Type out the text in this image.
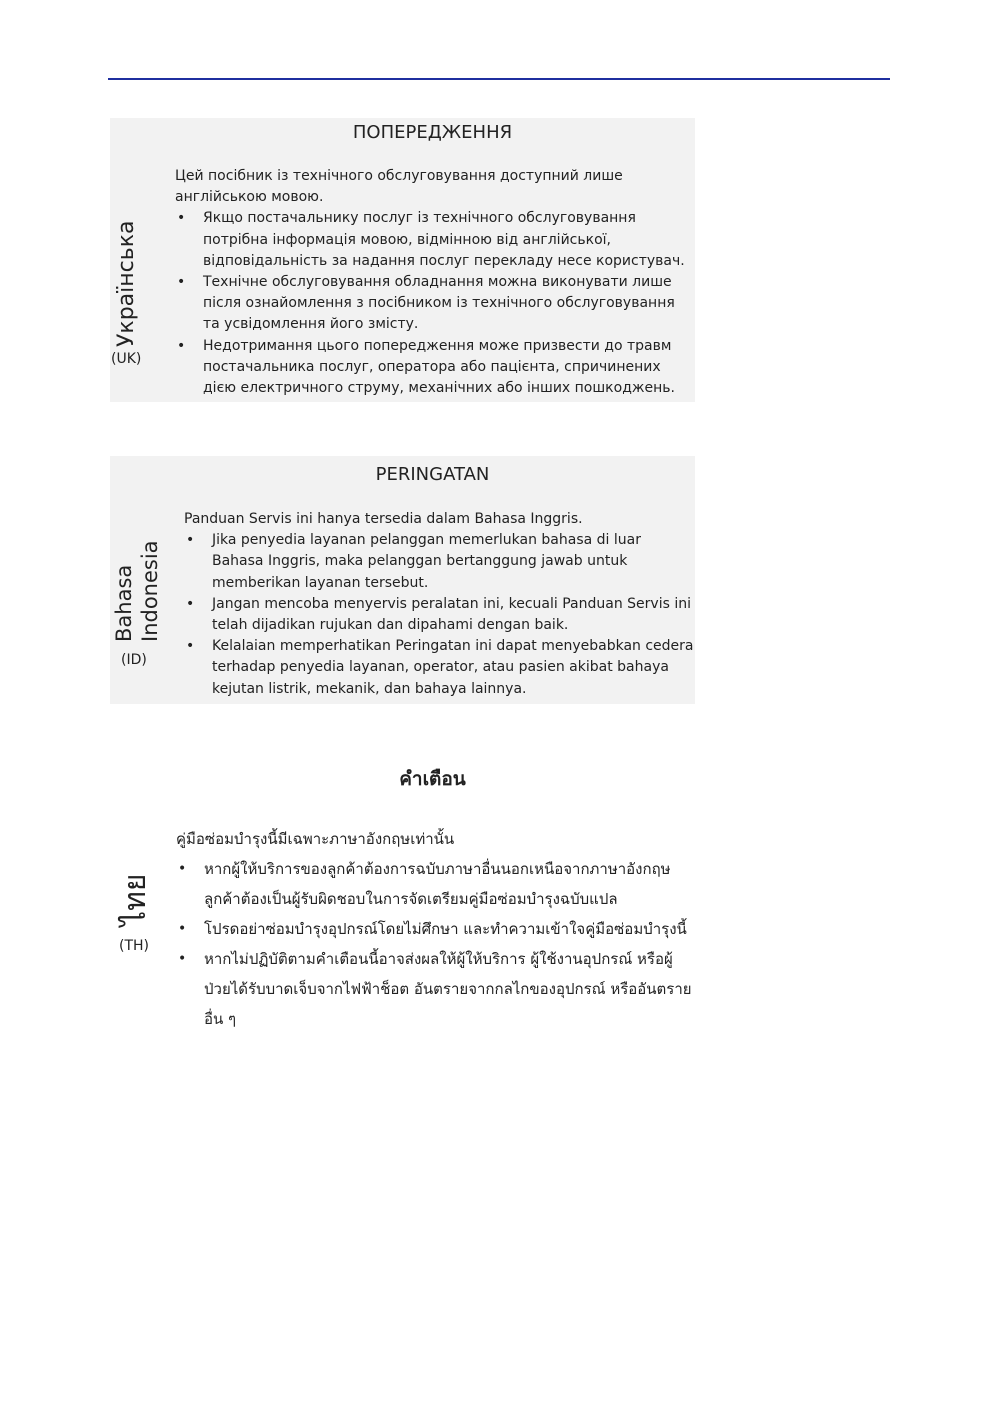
Українська
(UK)
ПОПЕРЕДЖЕННЯ
Цей посібник із технічного обслуговування доступний лише англійською мовою.
• Якщо постачальнику послуг із технічного обслуговування потрібна інформація мовою, відмінною від англійської, відповідальність за надання послуг перекладу несе користувач.
• Технічне обслуговування обладнання можна виконувати лише після ознайомлення з посібником із технічного обслуговування та усвідомлення його змісту.
• Недотримання цього попередження може призвести до травм постачальника послуг, оператора або пацієнта, спричинених дією електричного струму, механічних або інших пошкоджень.
Bahasa Indonesia
(ID)
PERINGATAN
Panduan Servis ini hanya tersedia dalam Bahasa Inggris.
• Jika penyedia layanan pelanggan memerlukan bahasa di luar Bahasa Inggris, maka pelanggan bertanggung jawab untuk memberikan layanan tersebut.
• Jangan mencoba menyervis peralatan ini, kecuali Panduan Servis ini telah dijadikan rujukan dan dipahami dengan baik.
• Kelalaian memperhatikan Peringatan ini dapat menyebabkan cedera terhadap penyedia layanan, operator, atau pasien akibat bahaya kejutan listrik, mekanik, dan bahaya lainnya.
ไทย
(TH)
คำเตือน
คู่มือซ่อมบำรุงนี้มีเฉพาะภาษาอังกฤษเท่านั้น
• หากผู้ให้บริการของลูกค้าต้องการฉบับภาษาอื่นนอกเหนือจากภาษาอังกฤษ ลูกค้าต้องเป็นผู้รับผิดชอบในการจัดเตรียมคู่มือซ่อมบำรุงฉบับแปล
• โปรดอย่าซ่อมบำรุงอุปกรณ์โดยไม่ศึกษา และทำความเข้าใจคู่มือซ่อมบำรุงนี้
• หากไม่ปฏิบัติตามคำเตือนนี้อาจส่งผลให้ผู้ให้บริการ ผู้ใช้งานอุปกรณ์ หรือผู้ป่วยได้รับบาดเจ็บจากไฟฟ้าช็อต อันตรายจากกลไกของอุปกรณ์ หรืออันตรายอื่น ๆ
